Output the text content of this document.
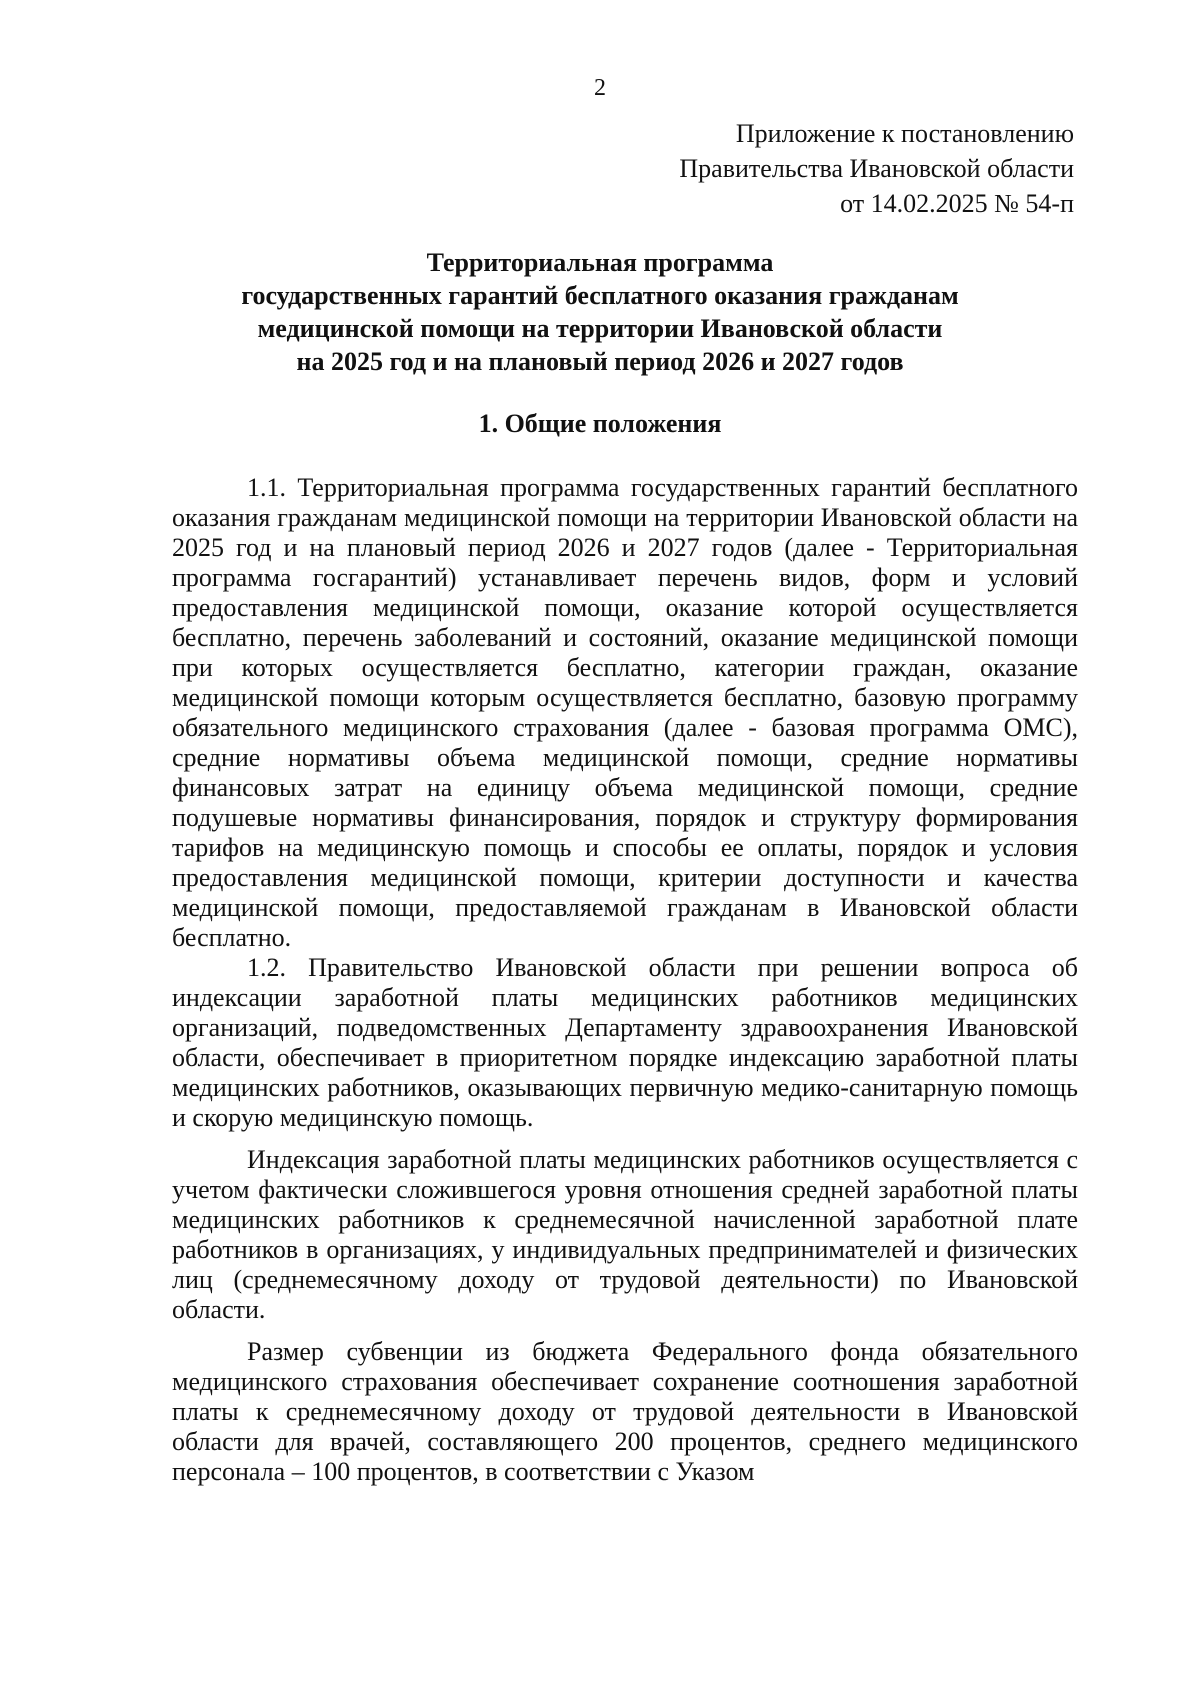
2
Приложение к постановлению
Правительства Ивановской области
от 14.02.2025 № 54-п
Территориальная программа
государственных гарантий бесплатного оказания гражданам
медицинской помощи на территории Ивановской области
на 2025 год и на плановый период 2026 и 2027 годов
1. Общие положения

1.1. Территориальная программа государственных гарантий бесплатного оказания гражданам медицинской помощи на территории Ивановской области на 2025 год и на плановый период 2026 и 2027 годов (далее - Территориальная программа госгарантий) устанавливает перечень видов, форм и условий предоставления медицинской помощи, оказание которой осуществляется бесплатно, перечень заболеваний и состояний, оказание медицинской помощи при которых осуществляется бесплатно, категории граждан, оказание медицинской помощи которым осуществляется бесплатно, базовую программу обязательного медицинского страхования (далее - базовая программа ОМС), средние нормативы объема медицинской помощи, средние нормативы финансовых затрат на единицу объема медицинской помощи, средние подушевые нормативы финансирования, порядок и структуру формирования тарифов на медицинскую помощь и способы ее оплаты, порядок и условия предоставления медицинской помощи, критерии доступности и качества медицинской помощи, предоставляемой гражданам в Ивановской области бесплатно.

1.2. Правительство Ивановской области при решении вопроса об индексации заработной платы медицинских работников медицинских организаций, подведомственных Департаменту здравоохранения Ивановской области, обеспечивает в приоритетном порядке индексацию заработной платы медицинских работников, оказывающих первичную медико-санитарную помощь и скорую медицинскую помощь.

Индексация заработной платы медицинских работников осуществляется с учетом фактически сложившегося уровня отношения средней заработной платы медицинских работников к среднемесячной начисленной заработной плате работников в организациях, у индивидуальных предпринимателей и физических лиц (среднемесячному доходу от трудовой деятельности) по Ивановской области.

Размер субвенции из бюджета Федерального фонда обязательного медицинского страхования обеспечивает сохранение соотношения заработной платы к среднемесячному доходу от трудовой деятельности в Ивановской области для врачей, составляющего 200 процентов, среднего медицинского персонала – 100 процентов, в соответствии с Указом
